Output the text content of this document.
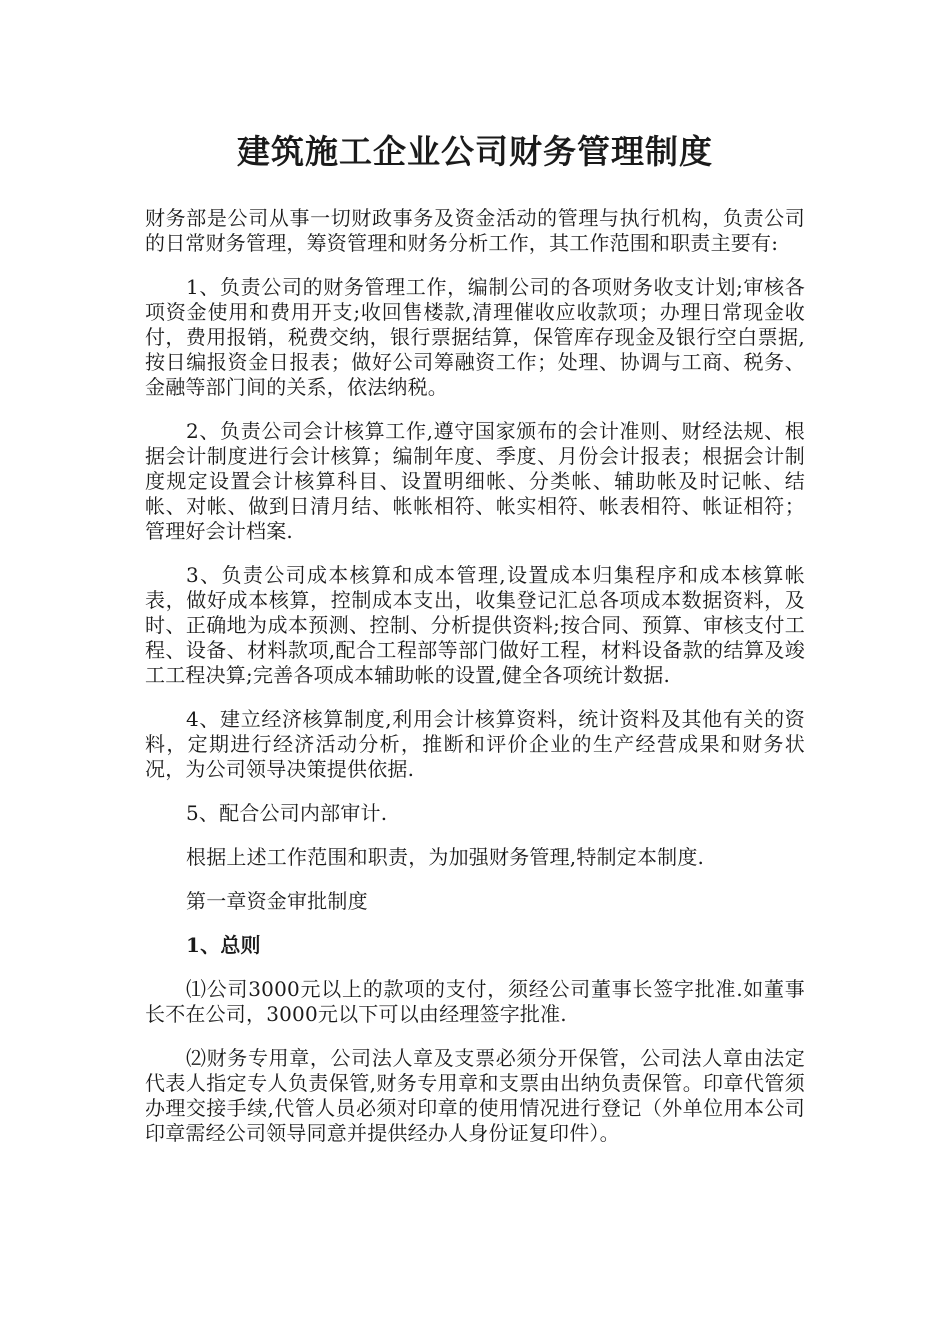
建筑施工企业公司财务管理制度

财务部是公司从事一切财政事务及资金活动的管理与执行机构，负责公司的日常财务管理，筹资管理和财务分析工作，其工作范围和职责主要有:

1、负责公司的财务管理工作，编制公司的各项财务收支计划;审核各项资金使用和费用开支;收回售楼款,清理催收应收款项；办理日常现金收付，费用报销，税费交纳，银行票据结算，保管库存现金及银行空白票据,按日编报资金日报表；做好公司筹融资工作；处理、协调与工商、税务、金融等部门间的关系，依法纳税。

2、负责公司会计核算工作,遵守国家颁布的会计准则、财经法规、根据会计制度进行会计核算；编制年度、季度、月份会计报表；根据会计制度规定设置会计核算科目、设置明细帐、分类帐、辅助帐及时记帐、结帐、对帐、做到日清月结、帐帐相符、帐实相符、帐表相符、帐证相符；管理好会计档案.

3、负责公司成本核算和成本管理,设置成本归集程序和成本核算帐表，做好成本核算，控制成本支出，收集登记汇总各项成本数据资料，及时、正确地为成本预测、控制、分析提供资料;按合同、预算、审核支付工程、设备、材料款项,配合工程部等部门做好工程，材料设备款的结算及竣工工程决算;完善各项成本辅助帐的设置,健全各项统计数据.

4、建立经济核算制度,利用会计核算资料，统计资料及其他有关的资料，定期进行经济活动分析，推断和评价企业的生产经营成果和财务状况，为公司领导决策提供依据.

5、配合公司内部审计.

根据上述工作范围和职责，为加强财务管理,特制定本制度.

第一章资金审批制度

1、总则

⑴公司3000元以上的款项的支付，须经公司董事长签字批准.如董事长不在公司，3000元以下可以由经理签字批准.

⑵财务专用章，公司法人章及支票必须分开保管，公司法人章由法定代表人指定专人负责保管,财务专用章和支票由出纳负责保管。印章代管须办理交接手续,代管人员必须对印章的使用情况进行登记（外单位用本公司印章需经公司领导同意并提供经办人身份证复印件）。
